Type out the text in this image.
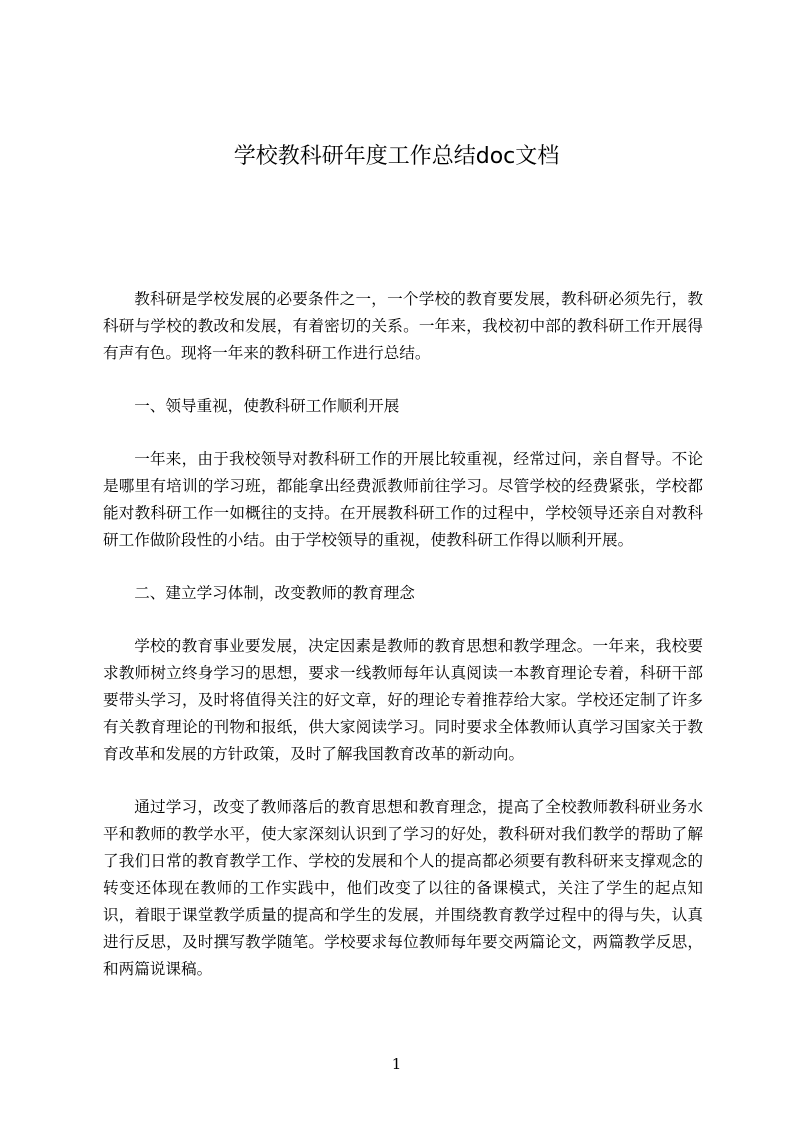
学校教科研年度工作总结doc文档

教科研是学校发展的必要条件之一，一个学校的教育要发展，教科研必须先行，教科研与学校的教改和发展，有着密切的关系。一年来，我校初中部的教科研工作开展得有声有色。现将一年来的教科研工作进行总结。

一、领导重视，使教科研工作顺利开展

一年来，由于我校领导对教科研工作的开展比较重视，经常过问，亲自督导。不论是哪里有培训的学习班，都能拿出经费派教师前往学习。尽管学校的经费紧张，学校都能对教科研工作一如概往的支持。在开展教科研工作的过程中，学校领导还亲自对教科研工作做阶段性的小结。由于学校领导的重视，使教科研工作得以顺利开展。

二、建立学习体制，改变教师的教育理念

学校的教育事业要发展，决定因素是教师的教育思想和教学理念。一年来，我校要求教师树立终身学习的思想，要求一线教师每年认真阅读一本教育理论专着，科研干部要带头学习，及时将值得关注的好文章，好的理论专着推荐给大家。学校还定制了许多有关教育理论的刊物和报纸，供大家阅读学习。同时要求全体教师认真学习国家关于教育改革和发展的方针政策，及时了解我国教育改革的新动向。

通过学习，改变了教师落后的教育思想和教育理念，提高了全校教师教科研业务水平和教师的教学水平，使大家深刻认识到了学习的好处，教科研对我们教学的帮助了解了我们日常的教育教学工作、学校的发展和个人的提高都必须要有教科研来支撑观念的转变还体现在教师的工作实践中，他们改变了以往的备课模式，关注了学生的起点知识，着眼于课堂教学质量的提高和学生的发展，并围绕教育教学过程中的得与失，认真进行反思，及时撰写教学随笔。学校要求每位教师每年要交两篇论文，两篇教学反思，和两篇说课稿。

1
